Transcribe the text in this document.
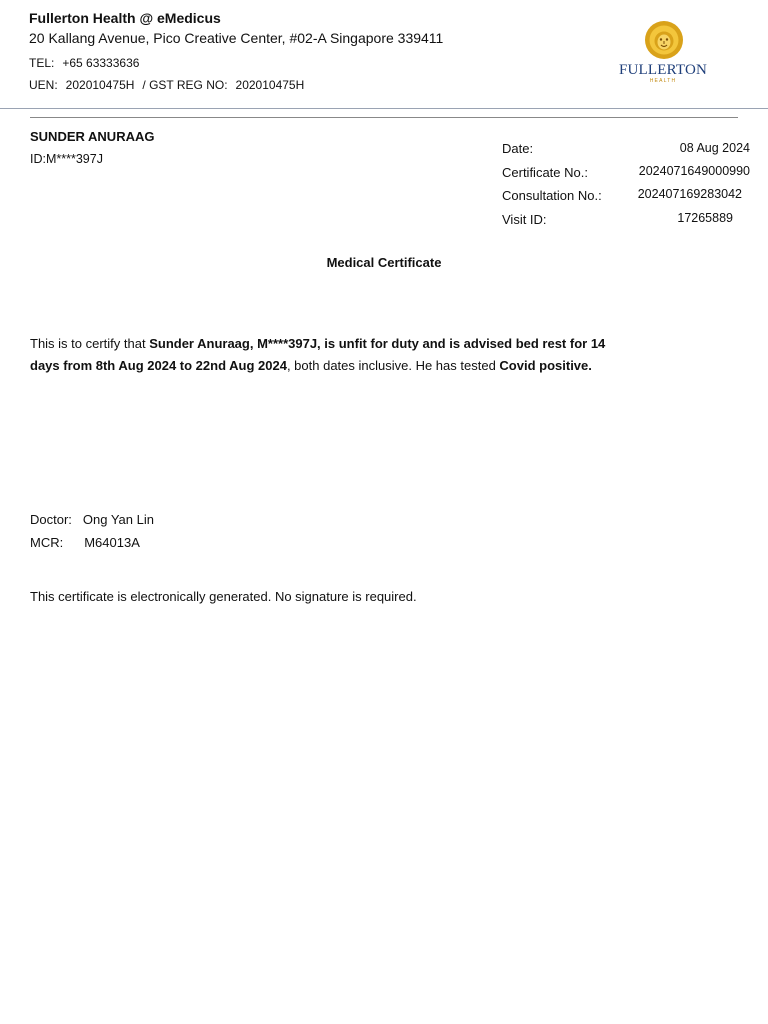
Fullerton Health @ eMedicus
20 Kallang Avenue, Pico Creative Center, #02-A Singapore 339411
TEL: +65 63333636
UEN: 202010475H / GST REG NO: 202010475H
FULLERTON
HEALTH
SUNDER ANURAAG
ID:M****397J
Date:	08 Aug 2024
Certificate No.:	2024071649000990
Consultation No.:	202407169283042
Visit ID:	17265889
Medical Certificate
This is to certify that Sunder Anuraag, M****397J, is unfit for duty and is advised bed rest for 14 days from 8th Aug 2024 to 22nd Aug 2024, both dates inclusive. He has tested Covid positive.
Doctor: Ong Yan Lin
MCR: M64013A
This certificate is electronically generated. No signature is required.
